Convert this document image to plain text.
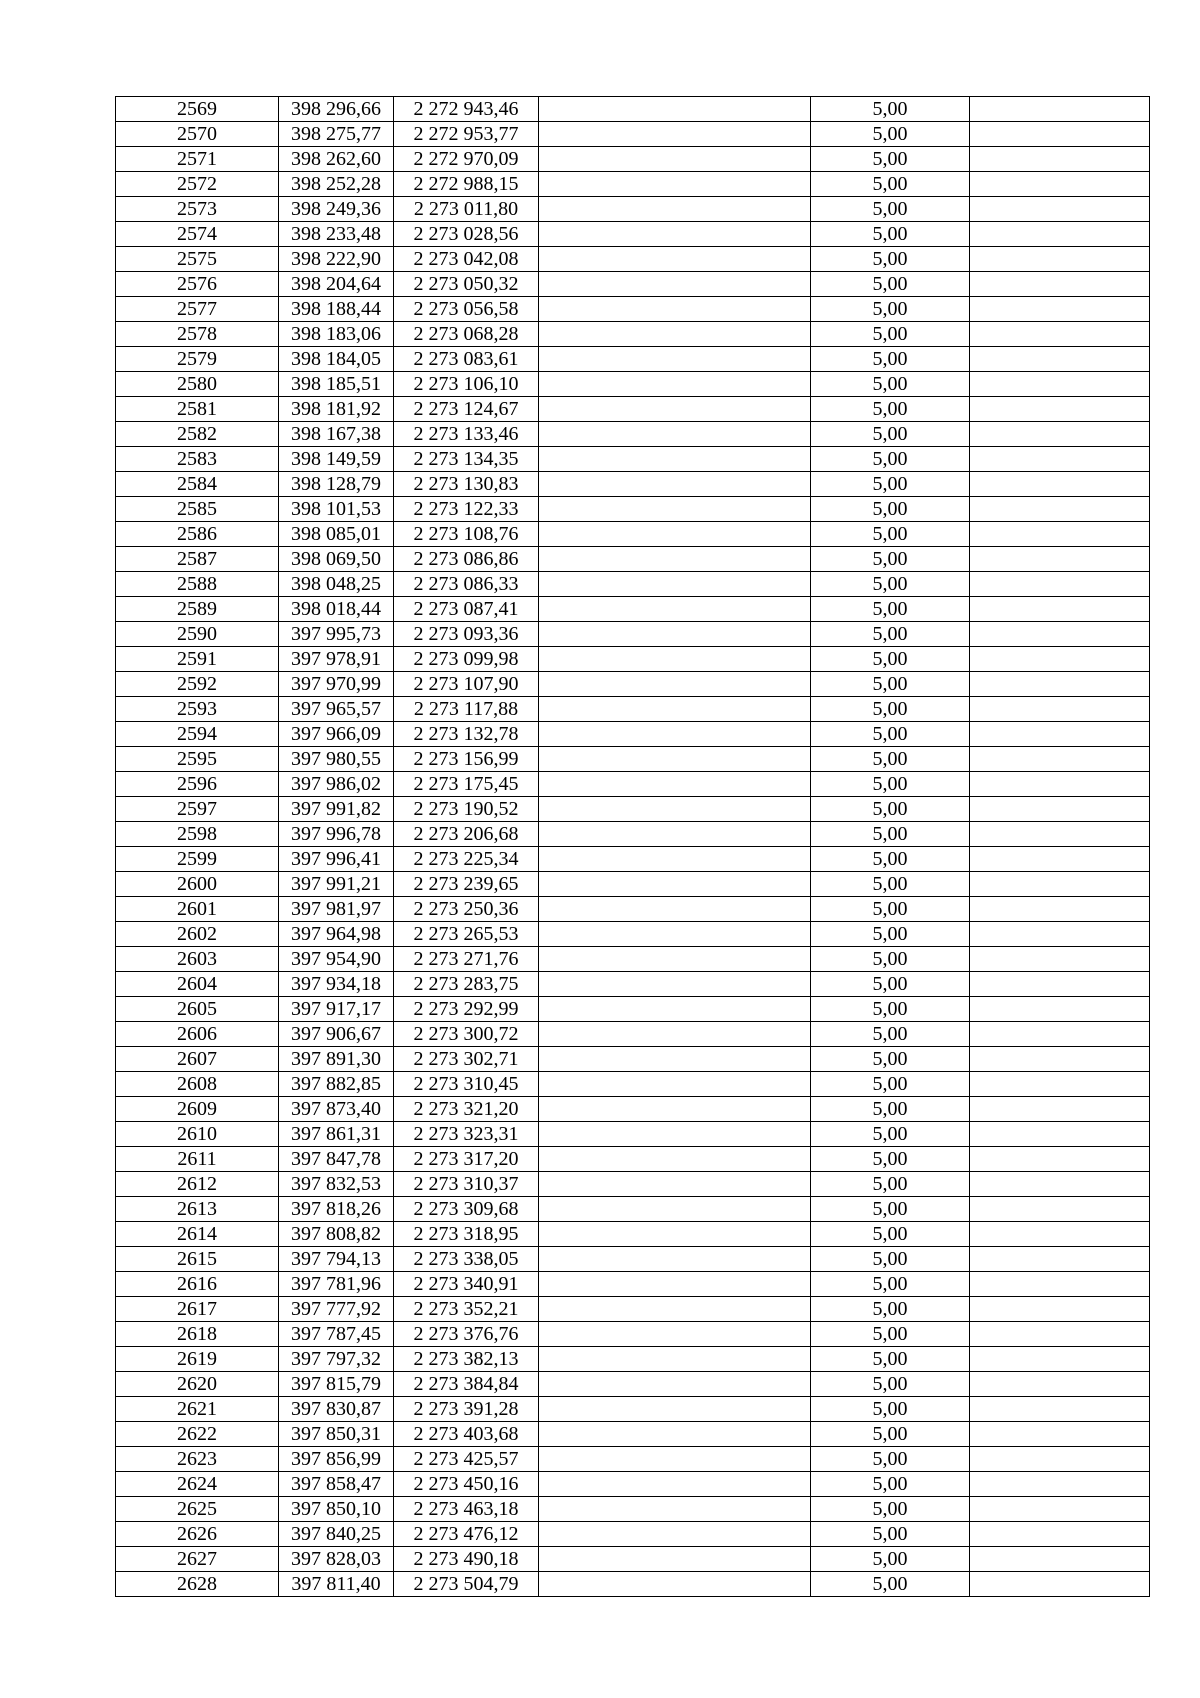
2569	398 296,66	2 272 943,46		5,00	
2570	398 275,77	2 272 953,77		5,00	
2571	398 262,60	2 272 970,09		5,00	
2572	398 252,28	2 272 988,15		5,00	
2573	398 249,36	2 273 011,80		5,00	
2574	398 233,48	2 273 028,56		5,00	
2575	398 222,90	2 273 042,08		5,00	
2576	398 204,64	2 273 050,32		5,00	
2577	398 188,44	2 273 056,58		5,00	
2578	398 183,06	2 273 068,28		5,00	
2579	398 184,05	2 273 083,61		5,00	
2580	398 185,51	2 273 106,10		5,00	
2581	398 181,92	2 273 124,67		5,00	
2582	398 167,38	2 273 133,46		5,00	
2583	398 149,59	2 273 134,35		5,00	
2584	398 128,79	2 273 130,83		5,00	
2585	398 101,53	2 273 122,33		5,00	
2586	398 085,01	2 273 108,76		5,00	
2587	398 069,50	2 273 086,86		5,00	
2588	398 048,25	2 273 086,33		5,00	
2589	398 018,44	2 273 087,41		5,00	
2590	397 995,73	2 273 093,36		5,00	
2591	397 978,91	2 273 099,98		5,00	
2592	397 970,99	2 273 107,90		5,00	
2593	397 965,57	2 273 117,88		5,00	
2594	397 966,09	2 273 132,78		5,00	
2595	397 980,55	2 273 156,99		5,00	
2596	397 986,02	2 273 175,45		5,00	
2597	397 991,82	2 273 190,52		5,00	
2598	397 996,78	2 273 206,68		5,00	
2599	397 996,41	2 273 225,34		5,00	
2600	397 991,21	2 273 239,65		5,00	
2601	397 981,97	2 273 250,36		5,00	
2602	397 964,98	2 273 265,53		5,00	
2603	397 954,90	2 273 271,76		5,00	
2604	397 934,18	2 273 283,75		5,00	
2605	397 917,17	2 273 292,99		5,00	
2606	397 906,67	2 273 300,72		5,00	
2607	397 891,30	2 273 302,71		5,00	
2608	397 882,85	2 273 310,45		5,00	
2609	397 873,40	2 273 321,20		5,00	
2610	397 861,31	2 273 323,31		5,00	
2611	397 847,78	2 273 317,20		5,00	
2612	397 832,53	2 273 310,37		5,00	
2613	397 818,26	2 273 309,68		5,00	
2614	397 808,82	2 273 318,95		5,00	
2615	397 794,13	2 273 338,05		5,00	
2616	397 781,96	2 273 340,91		5,00	
2617	397 777,92	2 273 352,21		5,00	
2618	397 787,45	2 273 376,76		5,00	
2619	397 797,32	2 273 382,13		5,00	
2620	397 815,79	2 273 384,84		5,00	
2621	397 830,87	2 273 391,28		5,00	
2622	397 850,31	2 273 403,68		5,00	
2623	397 856,99	2 273 425,57		5,00	
2624	397 858,47	2 273 450,16		5,00	
2625	397 850,10	2 273 463,18		5,00	
2626	397 840,25	2 273 476,12		5,00	
2627	397 828,03	2 273 490,18		5,00	
2628	397 811,40	2 273 504,79		5,00	
